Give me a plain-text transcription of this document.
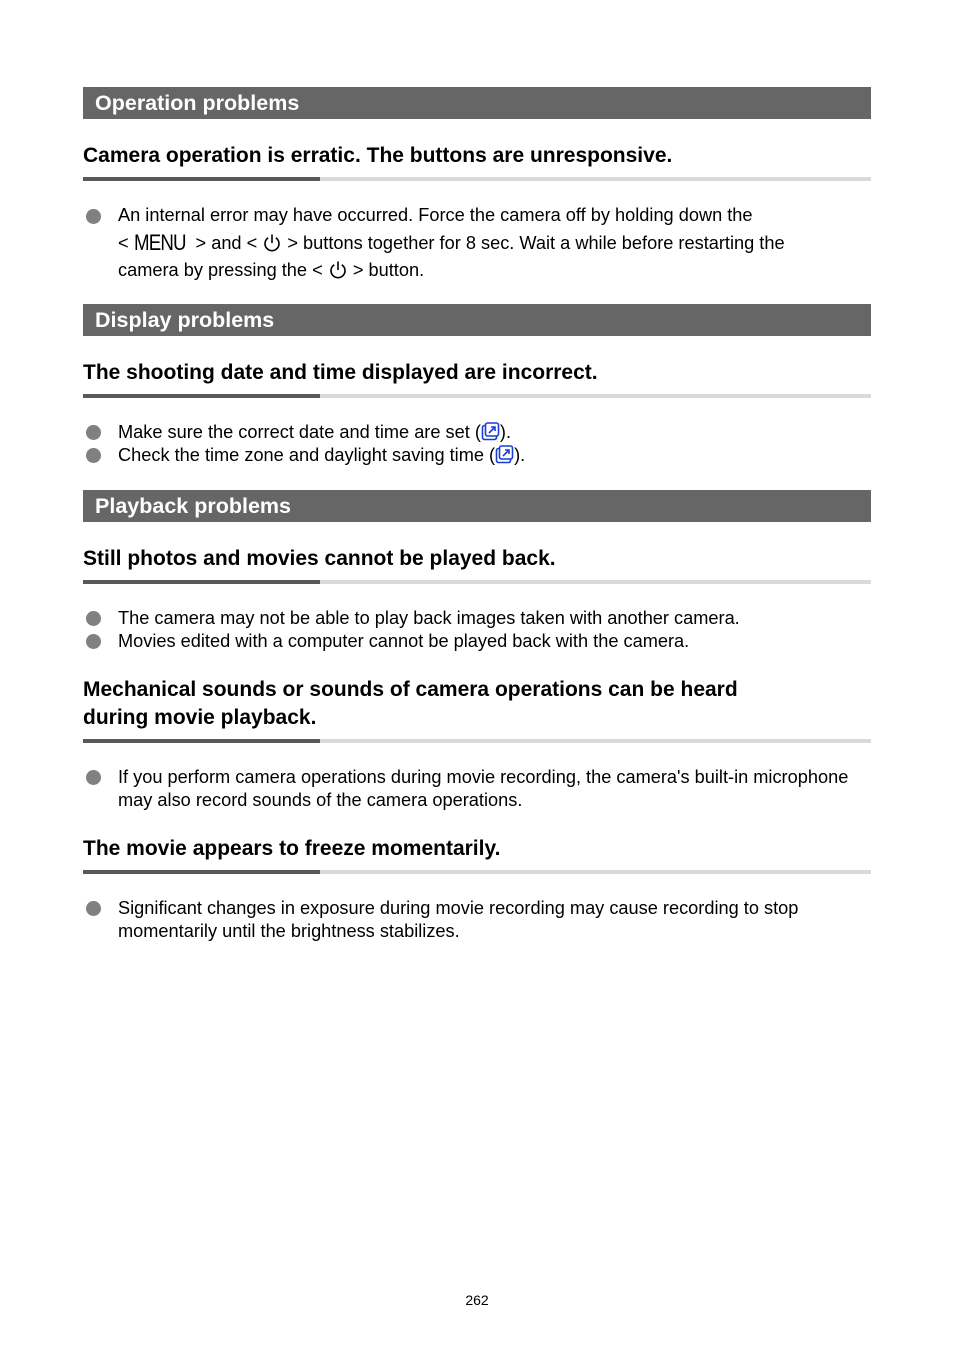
Operation problems
Camera operation is erratic. The buttons are unresponsive.
An internal error may have occurred. Force the camera off by holding down the
< MENU > and < > buttons together for 8 sec. Wait a while before restarting the
camera by pressing the < > button.
Display problems
The shooting date and time displayed are incorrect.
Make sure the correct date and time are set ( ).
Check the time zone and daylight saving time ( ).
Playback problems
Still photos and movies cannot be played back.
The camera may not be able to play back images taken with another camera.
Movies edited with a computer cannot be played back with the camera.
Mechanical sounds or sounds of camera operations can be heard
during movie playback.
If you perform camera operations during movie recording, the camera's built-in microphone may also record sounds of the camera operations.
The movie appears to freeze momentarily.
Significant changes in exposure during movie recording may cause recording to stop momentarily until the brightness stabilizes.
262
